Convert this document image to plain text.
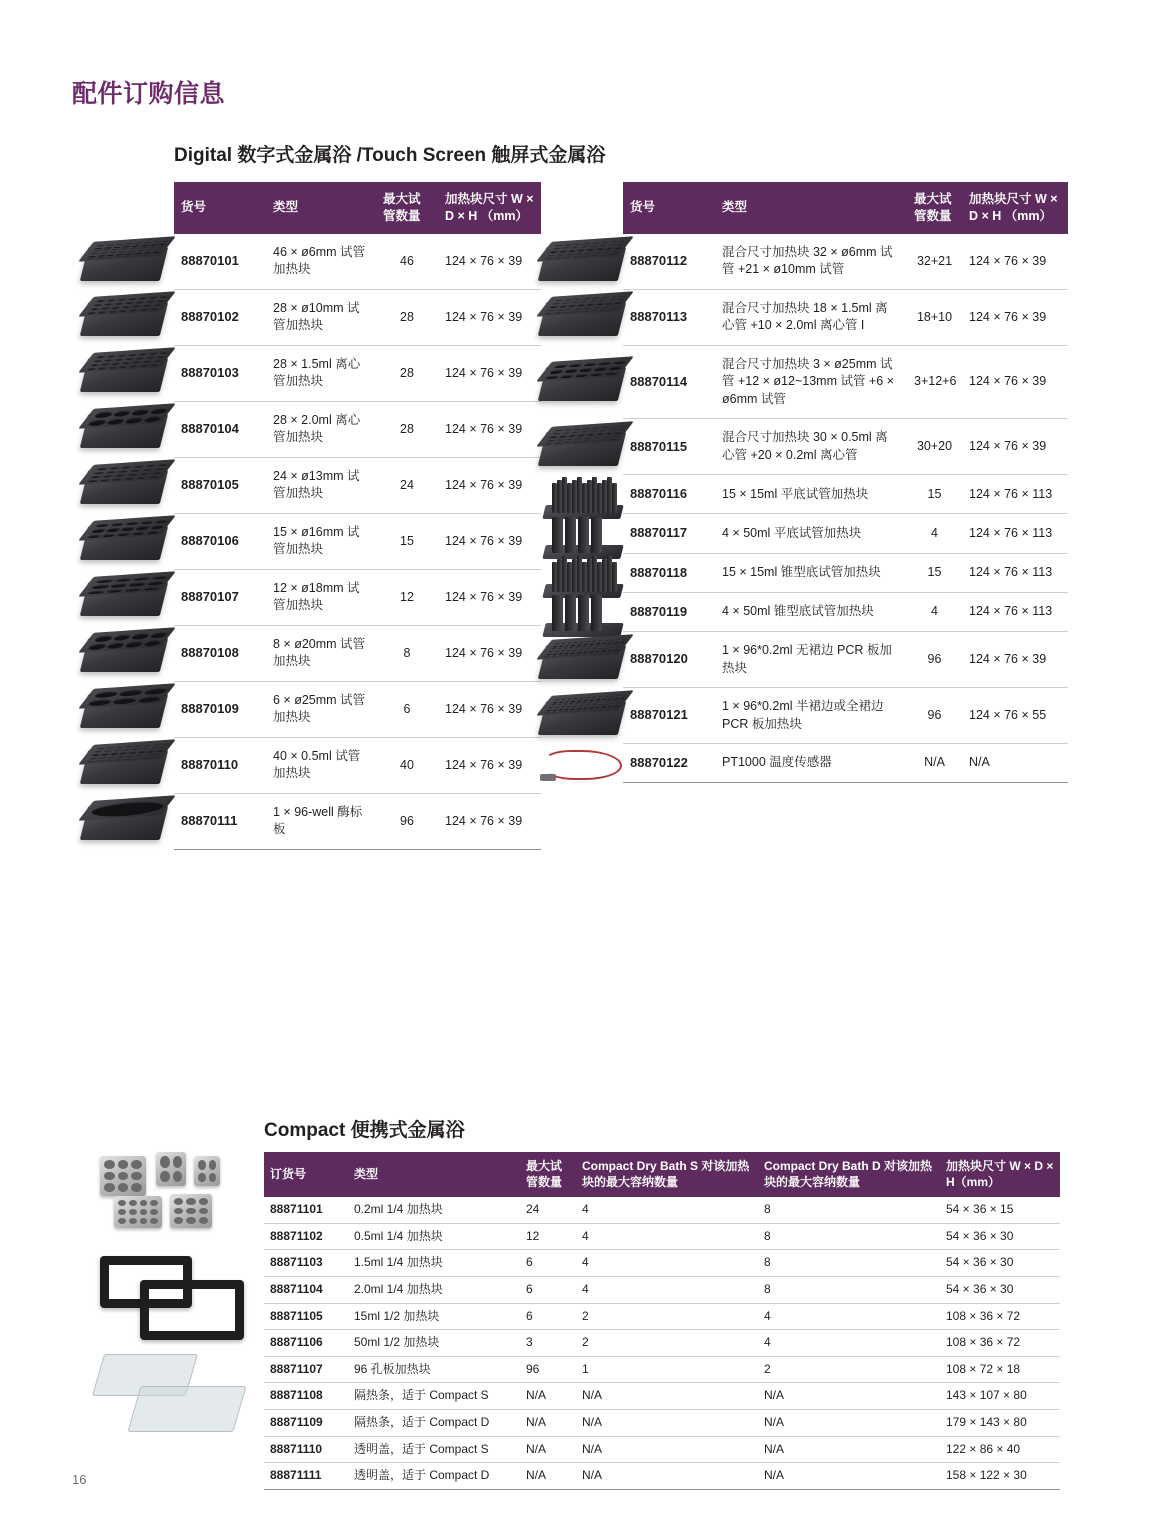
配件订购信息
Digital 数字式金属浴 /Touch Screen 触屏式金属浴
货号	类型	最大试管数量	加热块尺寸 W × D × H （mm）
88870101	46 × ø6mm 试管加热块	46	124 × 76 × 39
88870102	28 × ø10mm 试管加热块	28	124 × 76 × 39
88870103	28 × 1.5ml 离心管加热块	28	124 × 76 × 39
88870104	28 × 2.0ml 离心管加热块	28	124 × 76 × 39
88870105	24 × ø13mm 试管加热块	24	124 × 76 × 39
88870106	15 × ø16mm 试管加热块	15	124 × 76 × 39
88870107	12 × ø18mm 试管加热块	12	124 × 76 × 39
88870108	8 × ø20mm 试管加热块	8	124 × 76 × 39
88870109	6 × ø25mm 试管加热块	6	124 × 76 × 39
88870110	40 × 0.5ml 试管加热块	40	124 × 76 × 39
88870111	1 × 96-well 酶标板	96	124 × 76 × 39
货号	类型	最大试管数量	加热块尺寸 W × D × H （mm）
88870112	混合尺寸加热块 32 × ø6mm 试管 +21 × ø10mm 试管	32+21	124 × 76 × 39
88870113	混合尺寸加热块 18 × 1.5ml 离心管 +10 × 2.0ml 离心管 I	18+10	124 × 76 × 39
88870114	混合尺寸加热块 3 × ø25mm 试管 +12 × ø12~13mm 试管 +6 × ø6mm 试管	3+12+6	124 × 76 × 39
88870115	混合尺寸加热块 30 × 0.5ml 离心管 +20 × 0.2ml 离心管	30+20	124 × 76 × 39
88870116	15 × 15ml 平底试管加热块	15	124 × 76 × 113
88870117	4 × 50ml 平底试管加热块	4	124 × 76 × 113
88870118	15 × 15ml 锥型底试管加热块	15	124 × 76 × 113
88870119	4 × 50ml 锥型底试管加热块	4	124 × 76 × 113
88870120	1 × 96*0.2ml 无裙边 PCR 板加热块	96	124 × 76 × 39
88870121	1 × 96*0.2ml 半裙边或全裙边 PCR 板加热块	96	124 × 76 × 55
88870122	PT1000 温度传感器	N/A	N/A
Compact 便携式金属浴
订货号	类型	最大试管数量	Compact Dry Bath S 对该加热块的最大容纳数量	Compact Dry Bath D 对该加热块的最大容纳数量	加热块尺寸 W × D × H（mm）
88871101	0.2ml 1/4 加热块	24	4	8	54 × 36 × 15
88871102	0.5ml 1/4 加热块	12	4	8	54 × 36 × 30
88871103	1.5ml 1/4 加热块	6	4	8	54 × 36 × 30
88871104	2.0ml 1/4 加热块	6	4	8	54 × 36 × 30
88871105	15ml 1/2 加热块	6	2	4	108 × 36 × 72
88871106	50ml 1/2 加热块	3	2	4	108 × 36 × 72
88871107	96 孔板加热块	96	1	2	108 × 72 × 18
88871108	隔热条，适于 Compact S	N/A	N/A	N/A	143 × 107 × 80
88871109	隔热条，适于 Compact D	N/A	N/A	N/A	179 × 143 × 80
88871110	透明盖，适于 Compact S	N/A	N/A	N/A	122 × 86 × 40
88871111	透明盖，适于 Compact D	N/A	N/A	N/A	158 × 122 × 30
16
